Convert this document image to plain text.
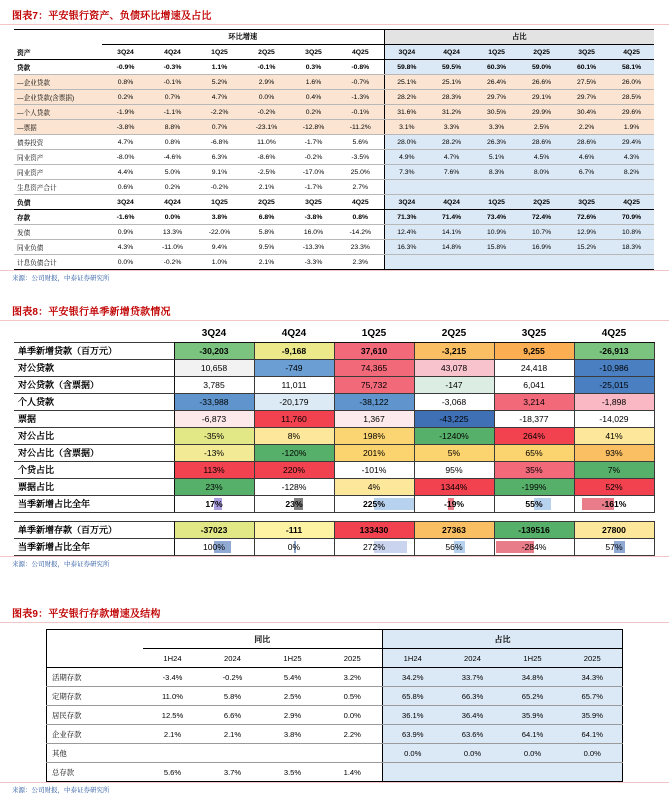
图表7：平安银行资产、负债环比增速及占比
	环比增速						占比					
资产	3Q24	4Q24	1Q25	2Q25	3Q25	4Q25	3Q24	4Q24	1Q25	2Q25	3Q25	4Q25
贷款	-0.9%	-0.3%	1.1%	-0.1%	0.3%	-0.8%	59.8%	59.5%	60.3%	59.0%	60.1%	58.1%
—企业贷款	0.8%	-0.1%	5.2%	2.9%	1.6%	-0.7%	25.1%	25.1%	26.4%	26.6%	27.5%	26.0%
—企业贷款(含票据)	0.2%	0.7%	4.7%	0.0%	0.4%	-1.3%	28.2%	28.3%	29.7%	29.1%	29.7%	28.5%
—个人贷款	-1.9%	-1.1%	-2.2%	-0.2%	0.2%	-0.1%	31.6%	31.2%	30.5%	29.9%	30.4%	29.6%
—票据	-3.8%	8.8%	0.7%	-23.1%	-12.8%	-11.2%	3.1%	3.3%	3.3%	2.5%	2.2%	1.9%
债券投资	4.7%	0.8%	-6.8%	11.0%	-1.7%	5.6%	28.0%	28.2%	26.3%	28.6%	28.6%	29.4%
同业资产	-8.0%	-4.6%	6.3%	-8.6%	-0.2%	-3.5%	4.9%	4.7%	5.1%	4.5%	4.6%	4.3%
同业资产	4.4%	5.0%	9.1%	-2.5%	-17.0%	25.0%	7.3%	7.6%	8.3%	8.0%	6.7%	8.2%
生息资产合计	0.6%	0.2%	-0.2%	2.1%	-1.7%	2.7%						
负债	3Q24	4Q24	1Q25	2Q25	3Q25	4Q25	3Q24	4Q24	1Q25	2Q25	3Q25	4Q25
存款	-1.6%	0.0%	3.8%	6.8%	-3.8%	0.8%	71.3%	71.4%	73.4%	72.4%	72.6%	70.9%
发债	0.9%	13.3%	-22.0%	5.8%	16.0%	-14.2%	12.4%	14.1%	10.9%	10.7%	12.9%	10.8%
同业负债	4.3%	-11.0%	9.4%	9.5%	-13.3%	23.3%	16.3%	14.8%	15.8%	16.9%	15.2%	18.3%
计息负债合计	0.0%	-0.2%	1.0%	2.1%	-3.3%	2.3%						
来源：公司财报，中泰证券研究所
图表8：平安银行单季新增贷款情况
	3Q24	4Q24	1Q25	2Q25	3Q25	4Q25
单季新增贷款（百万元）	-30,203	-9,168	37,610	-3,215	9,255	-26,913
对公贷款	10,658	-749	74,365	43,078	24,418	-10,986
对公贷款（含票据）	3,785	11,011	75,732	-147	6,041	-25,015
个人贷款	-33,988	-20,179	-38,122	-3,068	3,214	-1,898
票据	-6,873	11,760	1,367	-43,225	-18,377	-14,029
对公占比	-35%	8%	198%	-1240%	264%	41%
对公占比（含票据）	-13%	-120%	201%	5%	65%	93%
个贷占比	113%	220%	-101%	95%	35%	7%
票据占比	23%	-128%	4%	1344%	-199%	52%
当季新增占比全年	17%	23%	225%	-19%	55%	-161%

单季新增存款（百万元）	-37023	-111	133430	27363	-139516	27800
当季新增占比全年	100%	0%	272%	56%	-284%	57%
来源：公司财报，中泰证券研究所
图表9：平安银行存款增速及结构
	同比				占比			
	1H24	2024	1H25	2025	1H24	2024	1H25	2025
活期存款	-3.4%	-0.2%	5.4%	3.2%	34.2%	33.7%	34.8%	34.3%
定期存款	11.0%	5.8%	2.5%	0.5%	65.8%	66.3%	65.2%	65.7%
居民存款	12.5%	6.6%	2.9%	0.0%	36.1%	36.4%	35.9%	35.9%
企业存款	2.1%	2.1%	3.8%	2.2%	63.9%	63.6%	64.1%	64.1%
其他					0.0%	0.0%	0.0%	0.0%
总存款	5.6%	3.7%	3.5%	1.4%				
来源：公司财报，中泰证券研究所
